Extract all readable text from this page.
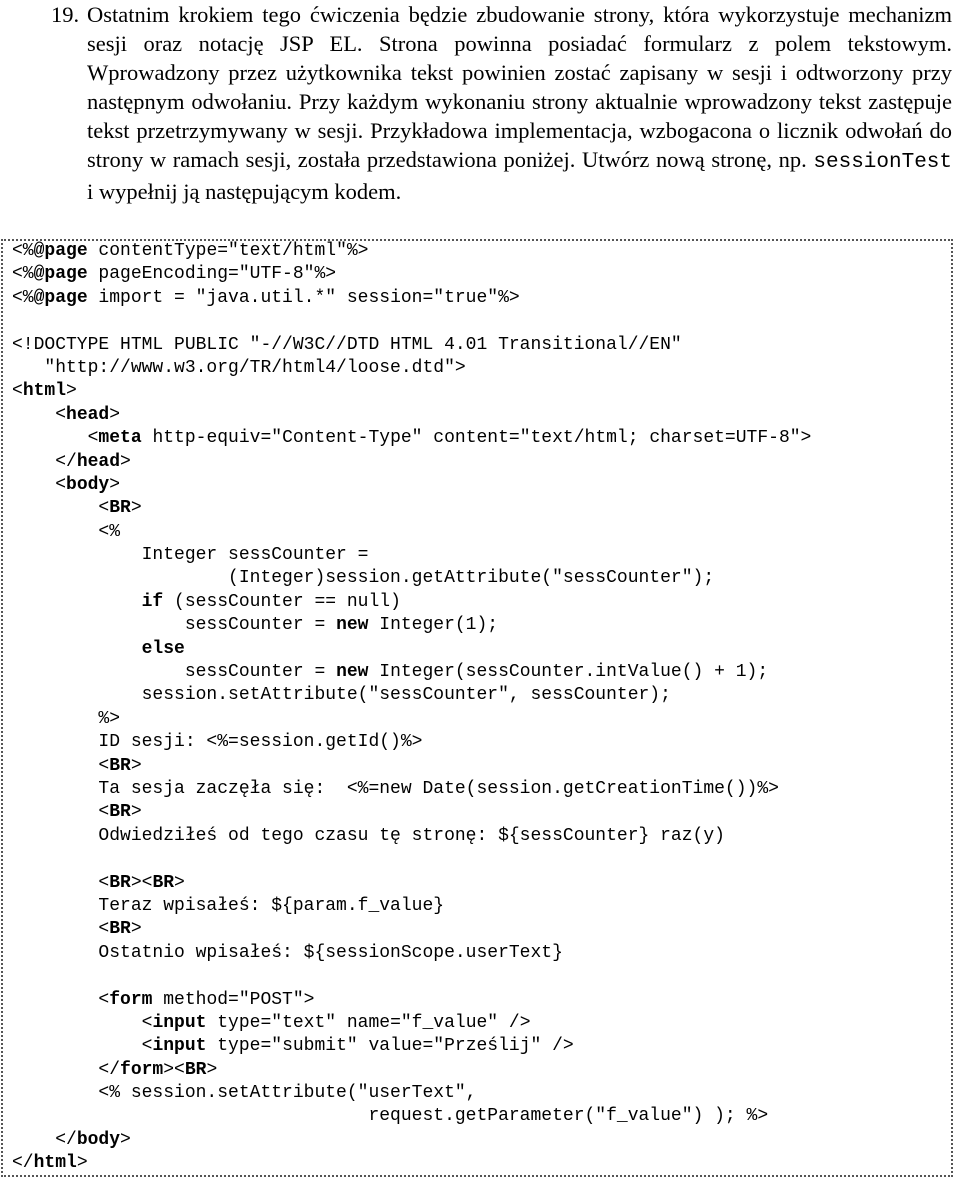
19. Ostatnim krokiem tego ćwiczenia będzie zbudowanie strony, która wykorzystuje mechanizm sesji oraz notację JSP EL. Strona powinna posiadać formularz z polem tekstowym. Wprowadzony przez użytkownika tekst powinien zostać zapisany w sesji i odtworzony przy następnym odwołaniu. Przy każdym wykonaniu strony aktualnie wprowadzony tekst zastępuje tekst przetrzymywany w sesji. Przykładowa implementacja, wzbogacona o licznik odwołań do strony w ramach sesji, została przedstawiona poniżej. Utwórz nową stronę, np. sessionTest i wypełnij ją następującym kodem.
<%@page contentType="text/html"%>
<%@page pageEncoding="UTF-8"%>
<%@page import = "java.util.*" session="true"%>

<!DOCTYPE HTML PUBLIC "-//W3C//DTD HTML 4.01 Transitional//EN"
"http://www.w3.org/TR/html4/loose.dtd">
<html>
<head>
<meta http-equiv="Content-Type" content="text/html; charset=UTF-8">
</head>
<body>
<BR>
<%
Integer sessCounter =
(Integer)session.getAttribute("sessCounter");
if (sessCounter == null)
sessCounter = new Integer(1);
else
sessCounter = new Integer(sessCounter.intValue() + 1);
session.setAttribute("sessCounter", sessCounter);
%>
ID sesji: <%=session.getId()%>
<BR>
Ta sesja zaczęła się:  <%=new Date(session.getCreationTime())%>
<BR>
Odwiedziłeś od tego czasu tę stronę: ${sessCounter} raz(y)

<BR><BR>
Teraz wpisałeś: ${param.f_value}
<BR>
Ostatnio wpisałeś: ${sessionScope.userText}

<form method="POST">
<input type="text" name="f_value" />
<input type="submit" value="Prześlij" />
</form><BR>
<% session.setAttribute("userText",
request.getParameter("f_value") ); %>
</body>
</html>
